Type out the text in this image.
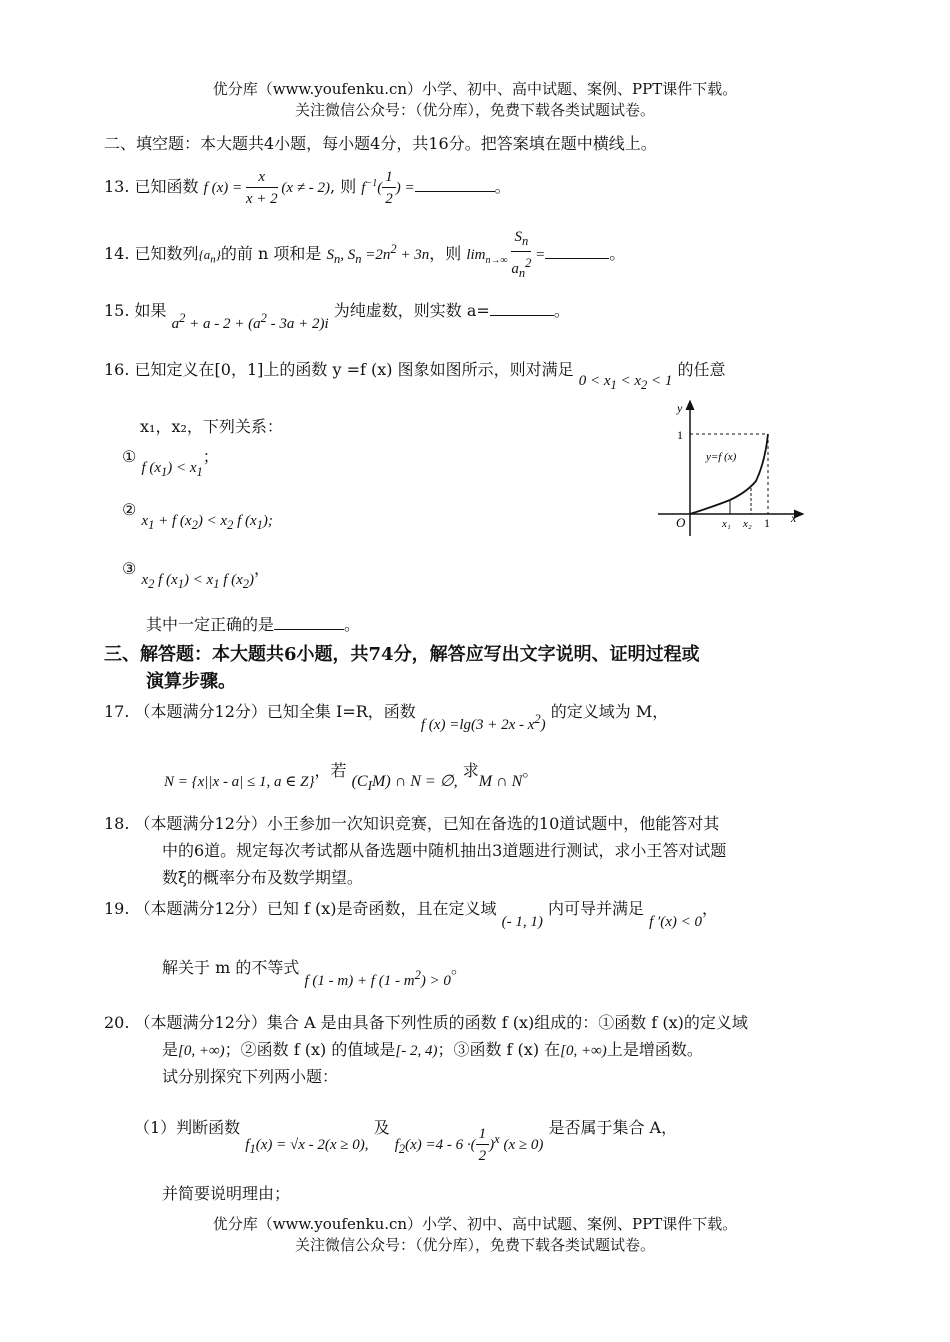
优分库（www.youfenku.cn）小学、初中、高中试题、案例、PPT课件下载。
关注微信公众号：（优分库），免费下载各类试题试卷。
二、填空题：本大题共4小题，每小题4分，共16分。把答案填在题中横线上。
13. 已知函数 f $(x) = \frac{x}{x + 2} (x$ ≠ - 2), 则 $f^{-1}( \frac{1}{2}$ ) =	。
14. 已知数列$\{a_n\}$的前 n 项和是 $S_n$, $S_n =2n^2 + 3n$，则 $\lim_{n\to\infty} \frac{S_n}{a_n^2}$ =	。
15. 如果 $a^2 + a - 2 + (a^2 - 3a + 2)i$ 为纯虚数，则实数 a=	。
16. 已知定义在[0，1]上的函数 y =f (x) 图象如图所示，则对满足 $0 < x_1 < x_2 < 1$ 的任意
x₁，x₂，下列关系：
① f $(x_1) < x_1$；
② $x_1 + f$ $(x_2) < x_2$ f $(x_1)$;
③ $x_2$ f $(x_1) < x_1$ f $(x_2)$，
其中一定正确的是	。
y
x
O
1
1
x₁ x₂
y=f (x)
三、解答题：本大题共6小题，共74分，解答应写出文字说明、证明过程或
演算步骤。
17. （本题满分12分）已知全集 I=R，函数 f $(x) =\lg(3 + 2x - x^2)$ 的定义域为 M，
N = {x||x - a| ≤ 1, a ∈ Z}，若 $(C_IM)$ ∩ N = ∅, 求M ∩ N。
18. （本题满分12分）小王参加一次知识竞赛，已知在备选的10道试题中，他能答对其
中的6道。规定每次考试都从备选题中随机抽出3道题进行测试，求小王答对试题
数ξ的概率分布及数学期望。
19. （本题满分12分）已知 f (x)是奇函数，且在定义域 (- 1, 1) 内可导并满足 f ′(x) < 0，
解关于 m 的不等式 f (1 - m) + f $(1 - m^2) > 0$。
20. （本题满分12分）集合 A 是由具备下列性质的函数 f (x)组成的：①函数 f (x)的定义域
是[0, +∞)；②函数 f (x) 的值域是[- 2, 4)；③函数 f (x) 在[0, +∞)上是增函数。
试分别探究下列两小题：
（1）判断函数 $f_1(x) = √x - 2(x \ge 0)$, 及 $f_2(x) =4 - 6$ ·( $\frac{1}{2} )^x$ (x ≥ 0) 是否属于集合 A，
并简要说明理由；
优分库（www.youfenku.cn）小学、初中、高中试题、案例、PPT课件下载。
关注微信公众号：（优分库），免费下载各类试题试卷。
